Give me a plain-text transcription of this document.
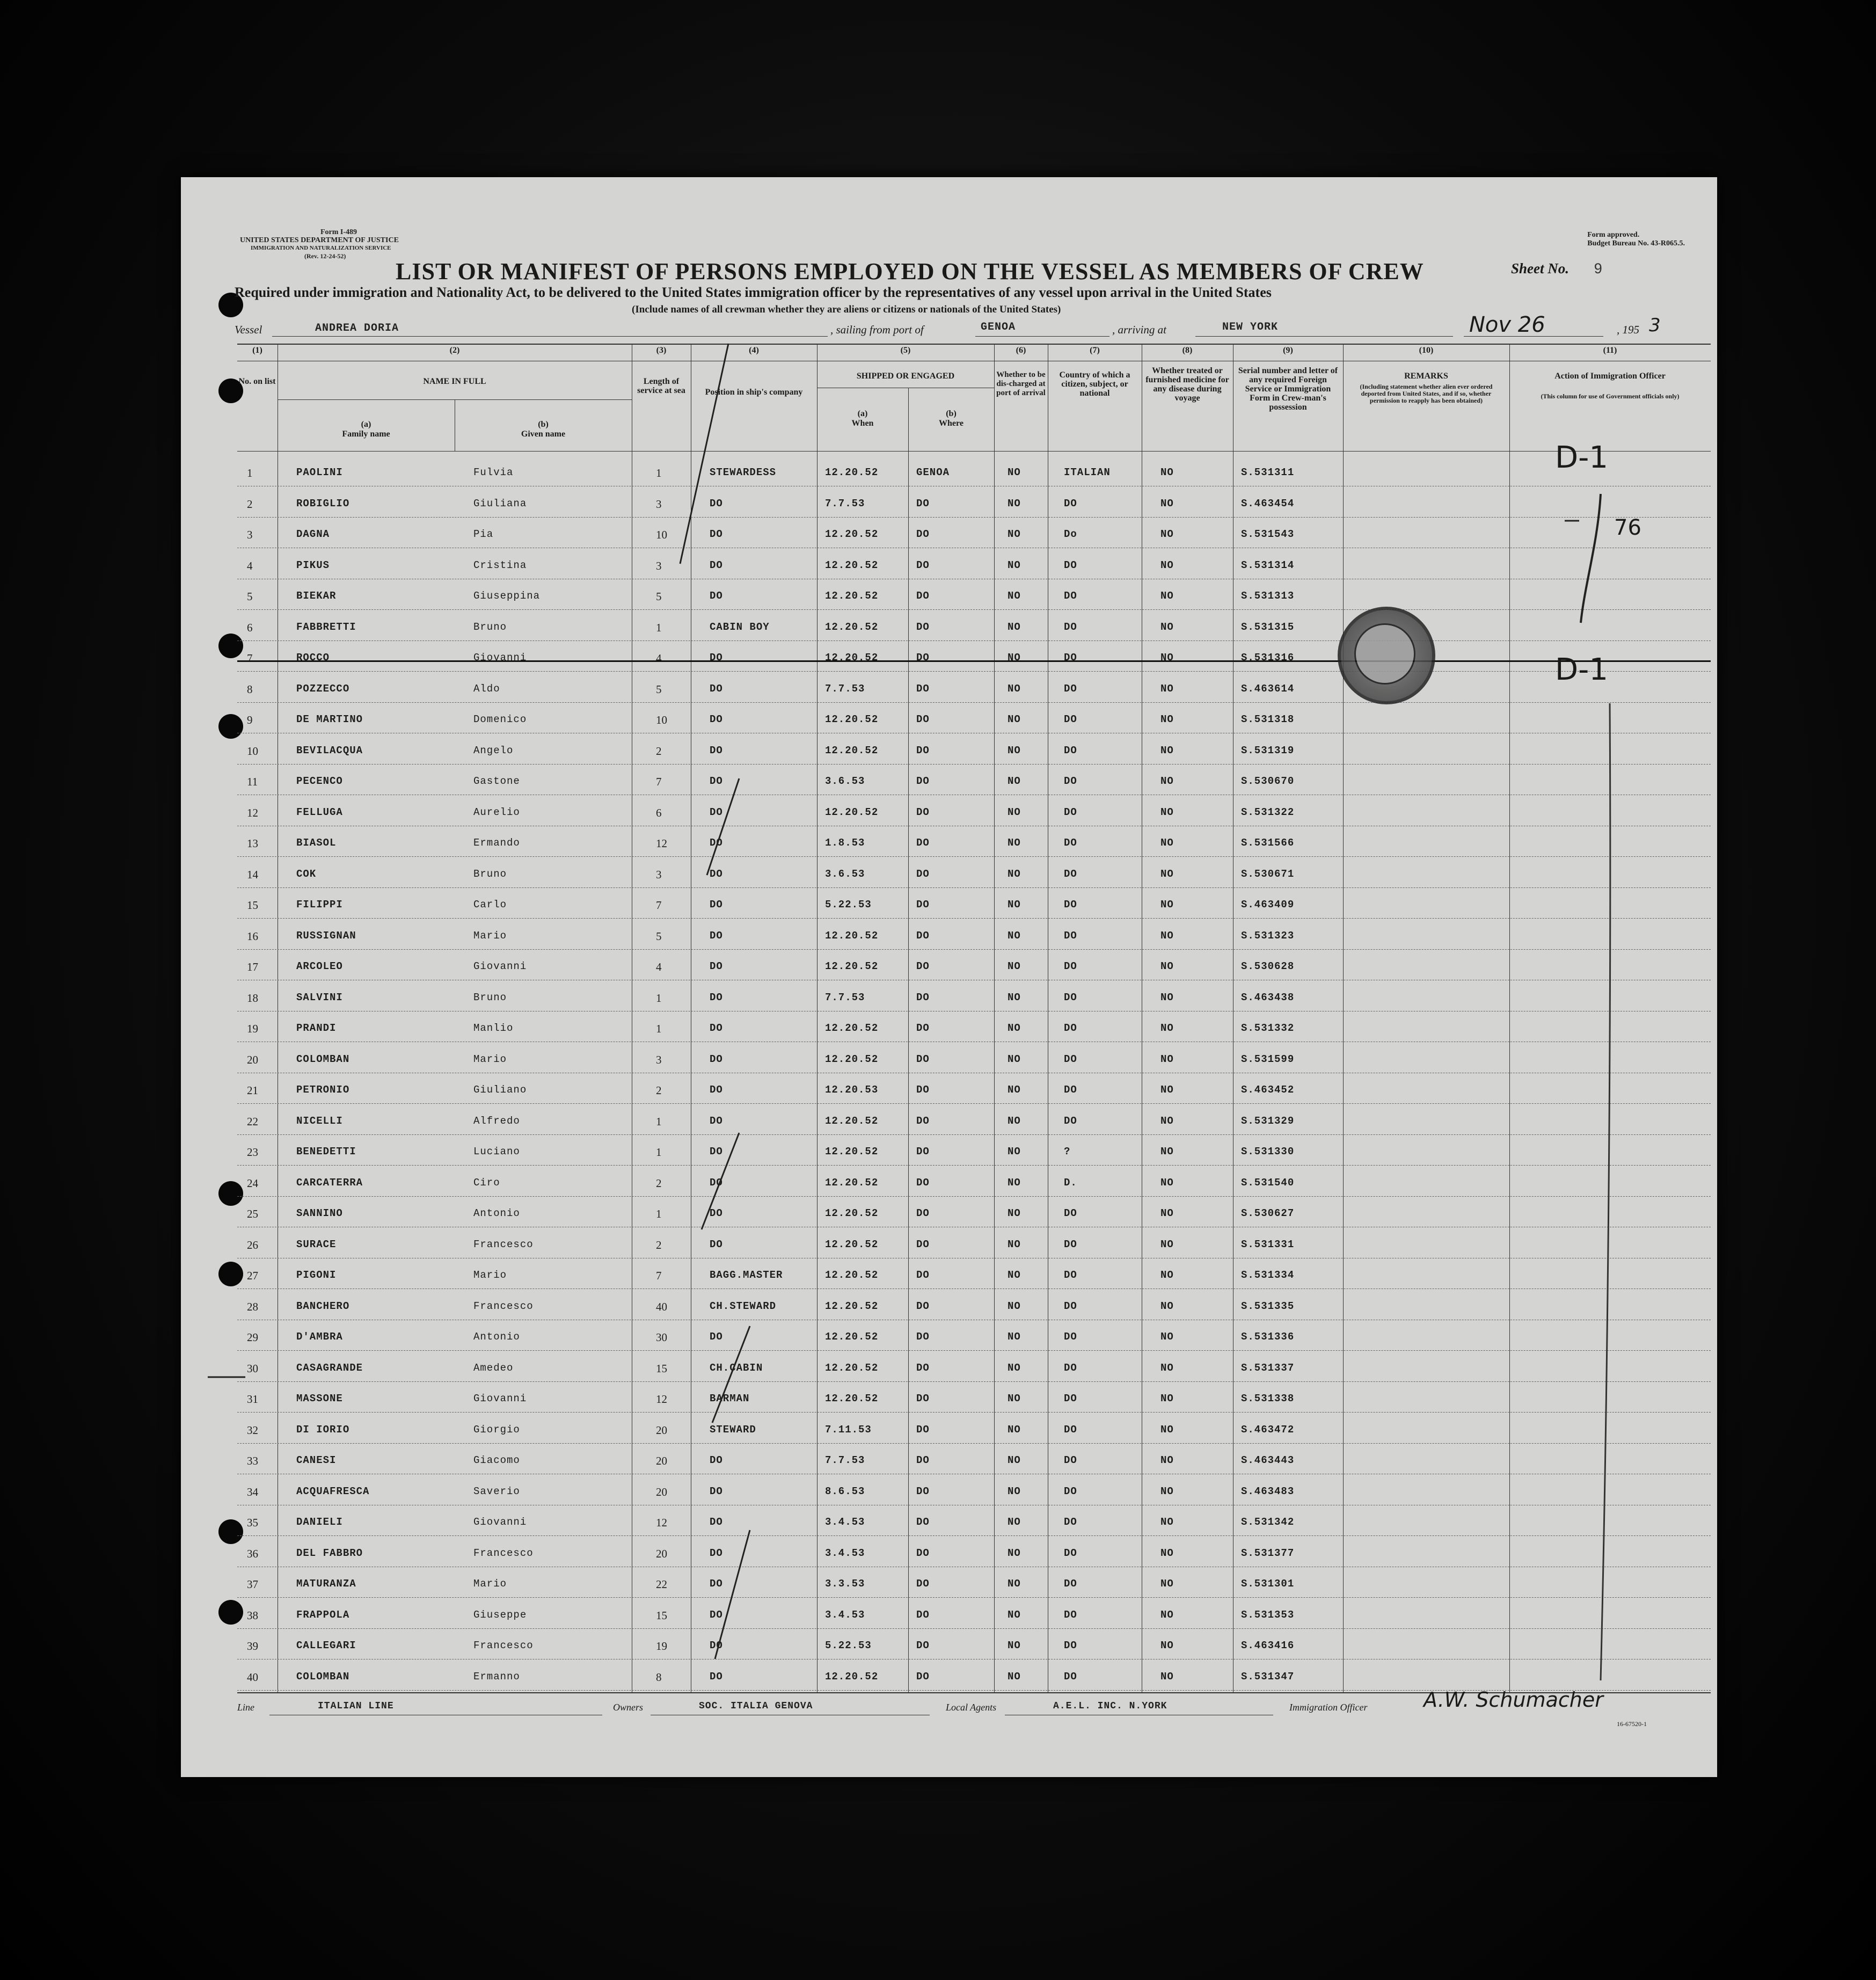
Form I-489
UNITED STATES DEPARTMENT OF JUSTICE
IMMIGRATION AND NATURALIZATION SERVICE
(Rev. 12-24-52)
Form approved.
Budget Bureau No. 43-R065.5.
LIST OR MANIFEST OF PERSONS EMPLOYED ON THE VESSEL AS MEMBERS OF CREW	Sheet No. 9
Required under immigration and Nationality Act, to be delivered to the United States immigration officer by the representatives of any vessel upon arrival in the United States
(Include names of all crewman whether they are aliens or citizens or nationals of the United States)
Vessel	ANDREA DORIA	, sailing from port of	GENOA	, arriving at	NEW YORK	Nov 26	, 195 3
(1)	(2)	(3)	(4)	(5)	(6)	(7)	(8)	(9)	(10)	(11)
No. on list	NAME IN FULL
(a)
Family name
(b)
Given name
Length of service at sea	Position in ship's company
SHIPPED OR ENGAGED
(a)
When
(b)
Where
Whether to be dis-charged at port of arrival
Country of which a citizen, subject, or national
Whether treated or furnished medicine for any disease during voyage
Serial number and letter of any required Foreign Service or Immigration Form in Crew-man's possession
REMARKS
(Including statement whether alien ever ordered deported from United States, and if so, whether permission to reapply has been obtained)
Action of Immigration Officer
(This column for use of Government officials only)
1	PAOLINI	Fulvia	1	STEWARDESS	12.20.52	GENOA	NO	ITALIAN	NO	S.531311
2	ROBIGLIO	Giuliana	3	DO	7.7.53	DO	NO	DO	NO	S.463454
3	DAGNA	Pia	10	DO	12.20.52	DO	NO	Do	NO	S.531543
4	PIKUS	Cristina	3	DO	12.20.52	DO	NO	DO	NO	S.531314
5	BIEKAR	Giuseppina	5	DO	12.20.52	DO	NO	DO	NO	S.531313
6	FABBRETTI	Bruno	1	CABIN BOY	12.20.52	DO	NO	DO	NO	S.531315
7	ROCCO	Giovanni	4	DO	12.20.52	DO	NO	DO	NO	S.531316
8	POZZECCO	Aldo	5	DO	7.7.53	DO	NO	DO	NO	S.463614
9	DE MARTINO	Domenico	10	DO	12.20.52	DO	NO	DO	NO	S.531318
10	BEVILACQUA	Angelo	2	DO	12.20.52	DO	NO	DO	NO	S.531319
11	PECENCO	Gastone	7	DO	3.6.53	DO	NO	DO	NO	S.530670
12	FELLUGA	Aurelio	6	DO	12.20.52	DO	NO	DO	NO	S.531322
13	BIASOL	Ermando	12	DO	1.8.53	DO	NO	DO	NO	S.531566
14	COK	Bruno	3	DO	3.6.53	DO	NO	DO	NO	S.530671
15	FILIPPI	Carlo	7	DO	5.22.53	DO	NO	DO	NO	S.463409
16	RUSSIGNAN	Mario	5	DO	12.20.52	DO	NO	DO	NO	S.531323
17	ARCOLEO	Giovanni	4	DO	12.20.52	DO	NO	DO	NO	S.530628
18	SALVINI	Bruno	1	DO	7.7.53	DO	NO	DO	NO	S.463438
19	PRANDI	Manlio	1	DO	12.20.52	DO	NO	DO	NO	S.531332
20	COLOMBAN	Mario	3	DO	12.20.52	DO	NO	DO	NO	S.531599
21	PETRONIO	Giuliano	2	DO	12.20.53	DO	NO	DO	NO	S.463452
22	NICELLI	Alfredo	1	DO	12.20.52	DO	NO	DO	NO	S.531329
23	BENEDETTI	Luciano	1	DO	12.20.52	DO	NO	?	NO	S.531330
24	CARCATERRA	Ciro	2	DO	12.20.52	DO	NO	D.	NO	S.531540
25	SANNINO	Antonio	1	DO	12.20.52	DO	NO	DO	NO	S.530627
26	SURACE	Francesco	2	DO	12.20.52	DO	NO	DO	NO	S.531331
27	PIGONI	Mario	7	BAGG.MASTER	12.20.52	DO	NO	DO	NO	S.531334
28	BANCHERO	Francesco	40	CH.STEWARD	12.20.52	DO	NO	DO	NO	S.531335
29	D'AMBRA	Antonio	30	DO	12.20.52	DO	NO	DO	NO	S.531336
30	CASAGRANDE	Amedeo	15	CH.CABIN	12.20.52	DO	NO	DO	NO	S.531337
31	MASSONE	Giovanni	12	BARMAN	12.20.52	DO	NO	DO	NO	S.531338
32	DI IORIO	Giorgio	20	STEWARD	7.11.53	DO	NO	DO	NO	S.463472
33	CANESI	Giacomo	20	DO	7.7.53	DO	NO	DO	NO	S.463443
34	ACQUAFRESCA	Saverio	20	DO	8.6.53	DO	NO	DO	NO	S.463483
35	DANIELI	Giovanni	12	DO	3.4.53	DO	NO	DO	NO	S.531342
36	DEL FABBRO	Francesco	20	DO	3.4.53	DO	NO	DO	NO	S.531377
37	MATURANZA	Mario	22	DO	3.3.53	DO	NO	DO	NO	S.531301
38	FRAPPOLA	Giuseppe	15	DO	3.4.53	DO	NO	DO	NO	S.531353
39	CALLEGARI	Francesco	19	DO	5.22.53	DO	NO	DO	NO	S.463416
40	COLOMBAN	Ermanno	8	DO	12.20.52	DO	NO	DO	NO	S.531347
D-1
76
D-1
Line	ITALIAN LINE	Owners	SOC. ITALIA GENOVA	Local Agents	A.E.L. INC. N.YORK	Immigration Officer	A.W. Schumacher
16-67520-1
